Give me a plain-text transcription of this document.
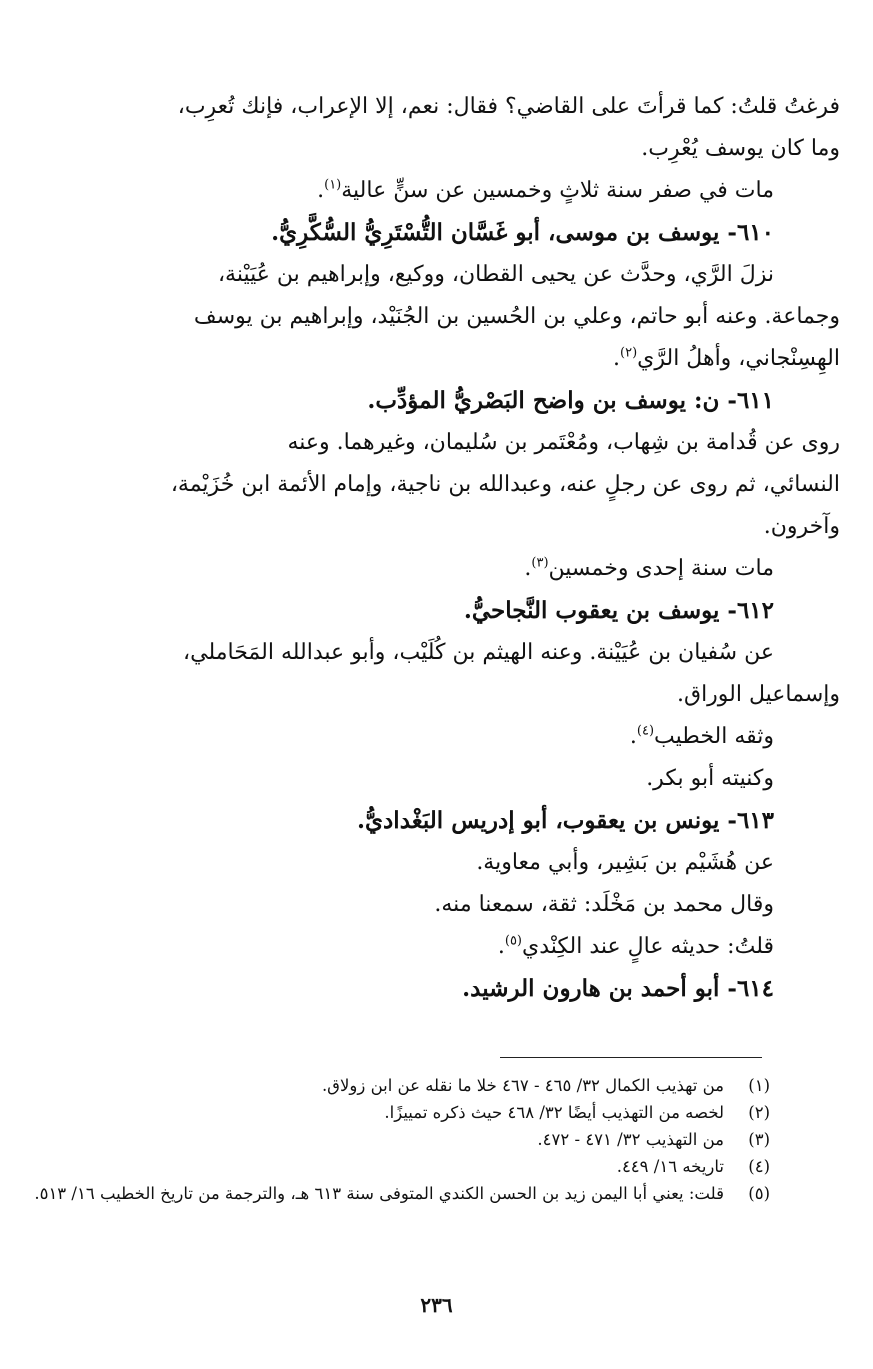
فرغتُ قلتُ: كما قرأتَ على القاضي؟ فقال: نعم، إلا الإعراب، فإنك تُعرِب،
وما كان يوسف يُعْرِب.
مات في صفر سنة ثلاثٍ وخمسين عن سنٍّ عالية$^{(١)}$.
٦١٠- يوسف بن موسى، أبو غَسَّان التُّسْتَرِيُّ السُّكَّرِيُّ.
نزلَ الرَّي، وحدَّث عن يحيى القطان، ووكيع، وإبراهيم بن عُيَيْنة،
وجماعة. وعنه أبو حاتم، وعلي بن الحُسين بن الجُنَيْد، وإبراهيم بن يوسف
الهِسِنْجاني، وأهلُ الرَّي$^{(٢)}$.
٦١١- ن: يوسف بن واضح البَصْريُّ المؤدِّب.
روى عن قُدامة بن شِهاب، ومُعْتَمر بن سُليمان، وغيرهما. وعنه
النسائي، ثم روى عن رجلٍ عنه، وعبدالله بن ناجية، وإمام الأئمة ابن خُزَيْمة،
وآخرون.
مات سنة إحدى وخمسين$^{(٣)}$.
٦١٢- يوسف بن يعقوب النَّجاحيُّ.
عن سُفيان بن عُيَيْنة. وعنه الهيثم بن كُلَيْب، وأبو عبدالله المَحَاملي،
وإسماعيل الوراق.
وثقه الخطيب$^{(٤)}$.
وكنيته أبو بكر.
٦١٣- يونس بن يعقوب، أبو إدريس البَغْداديُّ.
عن هُشَيْم بن بَشِير، وأبي معاوية.
وقال محمد بن مَخْلَد: ثقة، سمعنا منه.
قلتُ: حديثه عالٍ عند الكِنْدي$^{(٥)}$.
٦١٤- أبو أحمد بن هارون الرشيد.
(١)
من تهذيب الكمال ٣٢/ ٤٦٥ - ٤٦٧ خلا ما نقله عن ابن زولاق.
(٢)
لخصه من التهذيب أيضًا ٣٢/ ٤٦٨ حيث ذكره تمييزًا.
(٣)
من التهذيب ٣٢/ ٤٧١ - ٤٧٢.
(٤)
تاريخه ١٦/ ٤٤٩.
(٥)
قلت: يعني أبا اليمن زيد بن الحسن الكندي المتوفى سنة ٦١٣ هـ، والترجمة من تاريخ الخطيب ١٦/ ٥١٣.
٢٣٦
